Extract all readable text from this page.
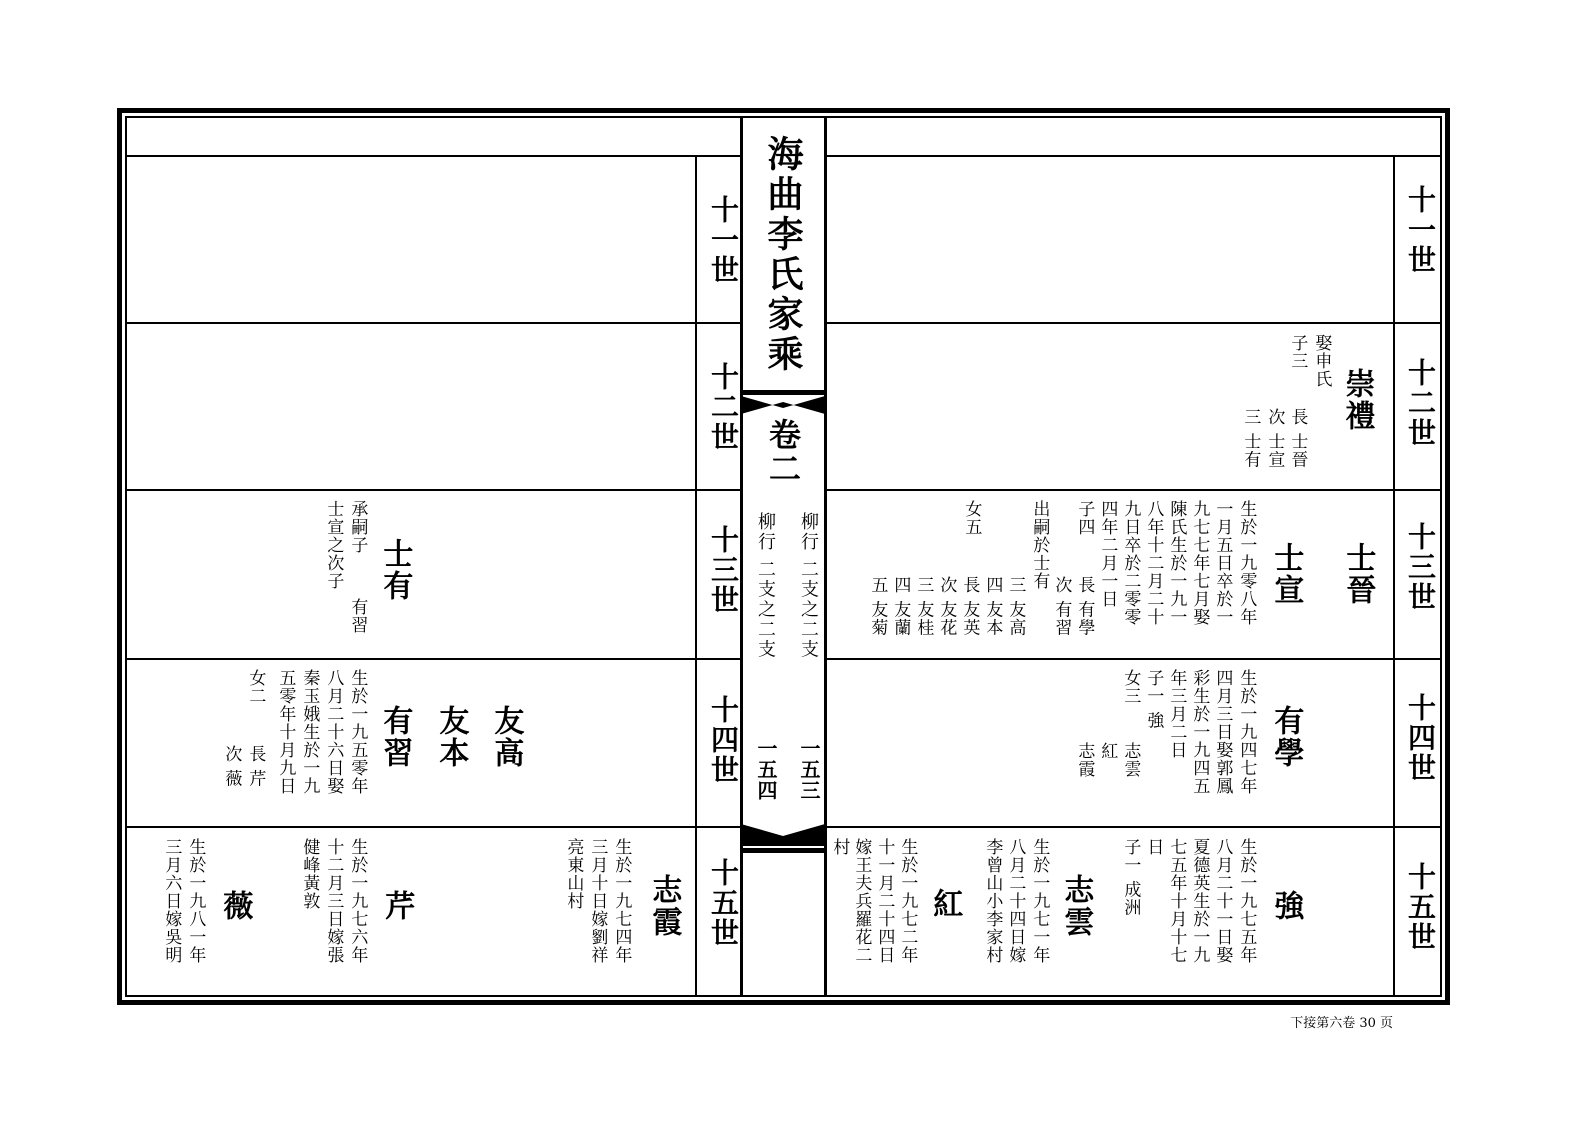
海曲李氏家乘
卷二
柳行 二支之二支
柳行 二支之二支
一五三
一五四
十一世
十二世
十三世
十四世
十五世
十一世
十二世
十三世
十四世
十五世
崇禮
娶申氏
子三
長 士晉
次 士宣
三 士有
士晉
士宣
生於一九零八年
一月五日卒於一
九七七年七月娶
陳氏生於一九一
八年十二月二十
九日卒於二零零
四年二月一日
子四
長 有學
次 有習
出嗣於士有
三 友高
四 友本
女五
長 友英
次 友花
三 友桂
四 友蘭
五 友菊
有學
生於一九四七年
四月三日娶郭鳳
彩生於一九四五
年三月二日
子一 強
女三
志雲
紅
志霞
強
生於一九七五年
八月二十一日娶
夏德英生於一九
七五年十月十七
日
子一 成洲
志雲
生於一九七一年
八月二十四日嫁
李曾山小李家村
紅
生於一九七二年
十一月二十四日
嫁王夫兵羅花二
村
士有
承嗣子
士宣之次子
有習
友高
友本
有習
生於一九五零年
八月二十六日娶
秦玉娥生於一九
五零年十月九日
女二
長 芹
次 薇
志霞
生於一九七四年
三月十日嫁劉祥
亮東山村
芹
生於一九七六年
十二月三日嫁張
健峰黃敦
薇
生於一九八一年
三月六日嫁吳明
下接第六卷 30 页
